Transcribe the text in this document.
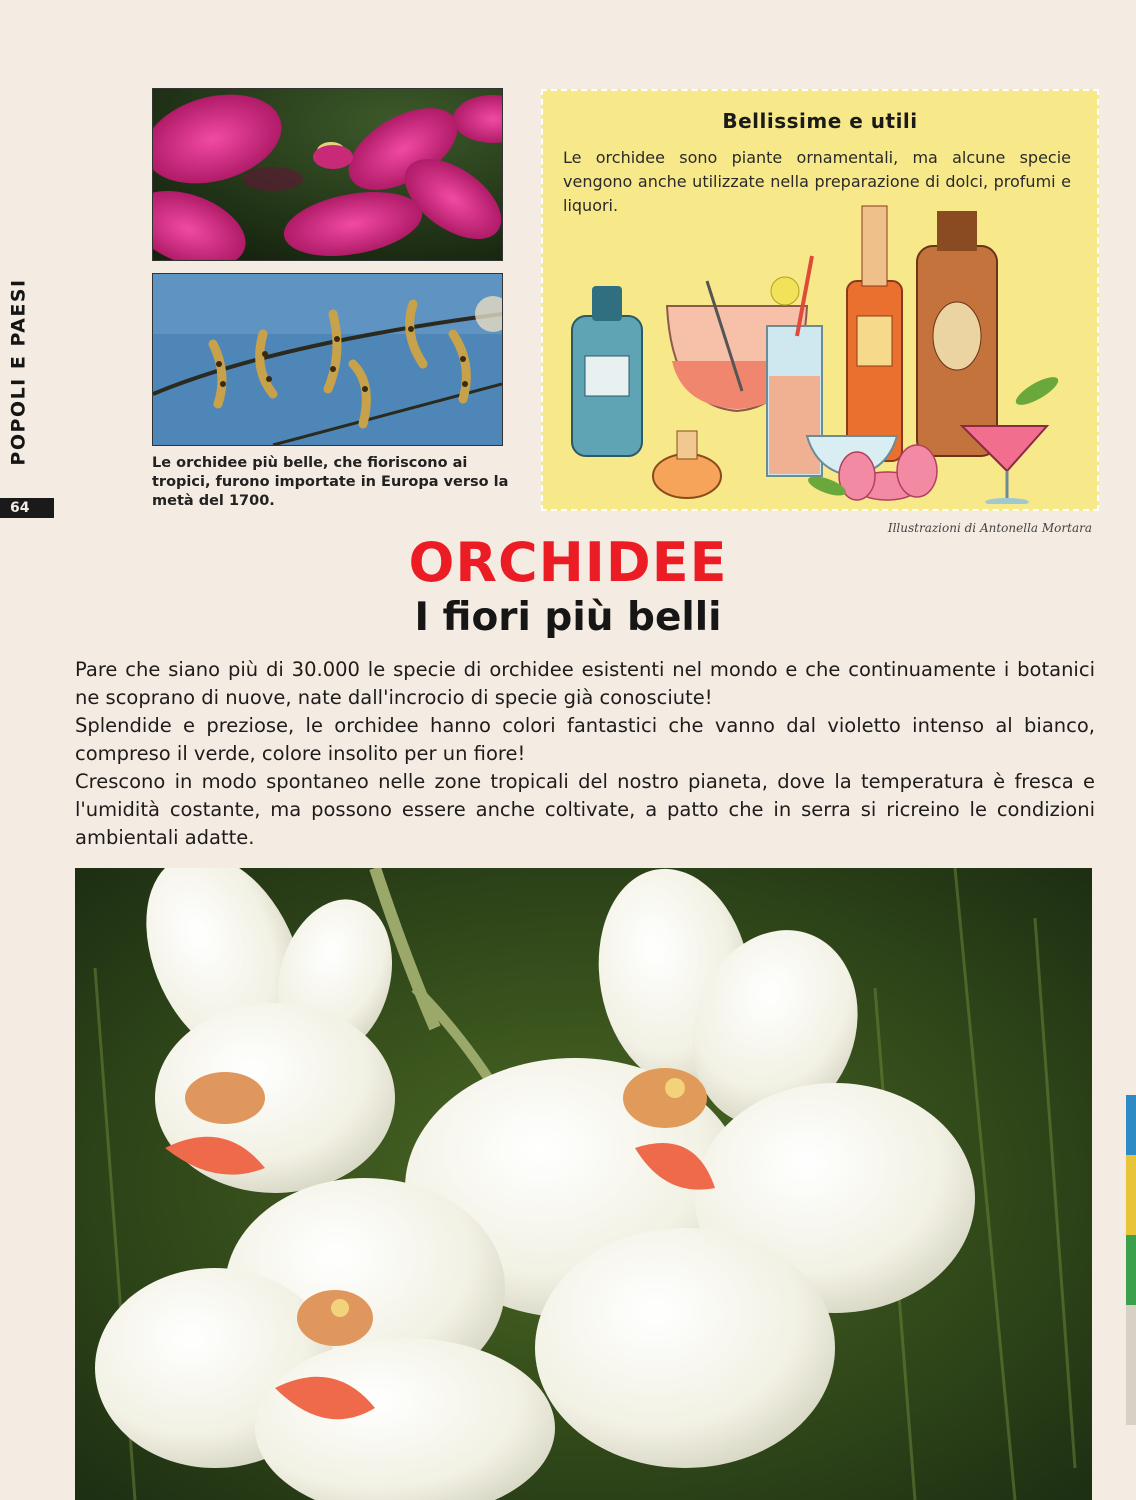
POPOLI E PAESI
64
Le orchidee più belle, che fioriscono ai tropici, furono importate in Europa verso la metà del 1700.
Bellissime e utili
Le orchidee sono piante ornamentali, ma alcune specie vengono anche utilizzate nella preparazione di dolci, profumi e liquori.
Illustrazioni di Antonella Mortara
ORCHIDEE
I fiori più belli

Pare che siano più di 30.000 le specie di orchidee esistenti nel mondo e che continuamente i botanici ne scoprano di nuove, nate dall'incrocio di specie già conosciute!

Splendide e preziose, le orchidee hanno colori fantastici che vanno dal violetto intenso al bianco, compreso il verde, colore insolito per un fiore!

Crescono in modo spontaneo nelle zone tropicali del nostro pianeta, dove la temperatura è fresca e l'umidità costante, ma possono essere anche coltivate, a patto che in serra si ricreino le condizioni ambientali adatte.
